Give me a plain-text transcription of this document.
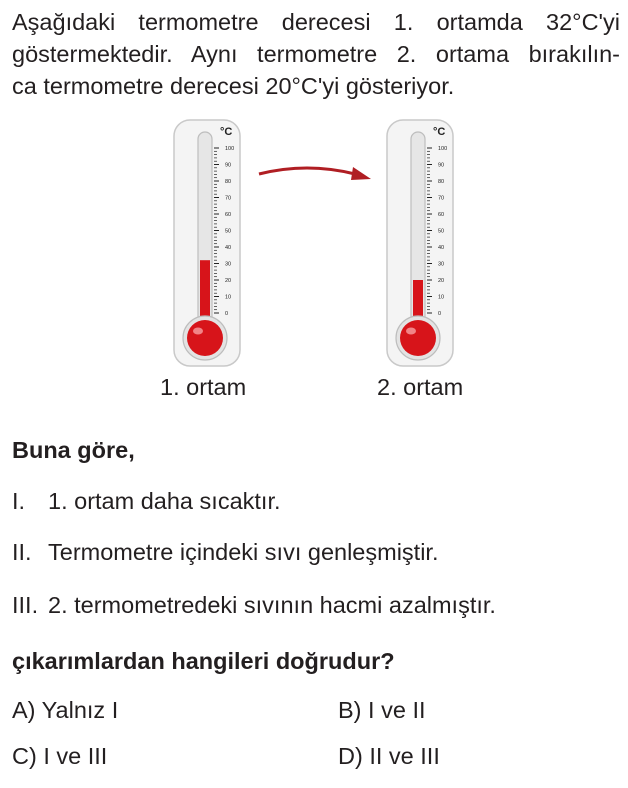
Aşağıdaki termometre derecesi 1. ortamda 32°C'yi
göstermektedir. Aynı termometre 2. ortama bırakılın-
ca termometre derecesi 20°C'yi gösteriyor.

100
90
80
70
60
50
40
30
20
10
0
°C
100
90
80
70
60
50
40
30
20
10
0
°C
1. ortam	2. ortam
Buna göre,
I. 1. ortam daha sıcaktır.
II. Termometre içindeki sıvı genleşmiştir.
III. 2. termometredeki sıvının hacmi azalmıştır.
çıkarımlardan hangileri doğrudur?
A) Yalnız I	B) I ve II
C) I ve III	D) II ve III
